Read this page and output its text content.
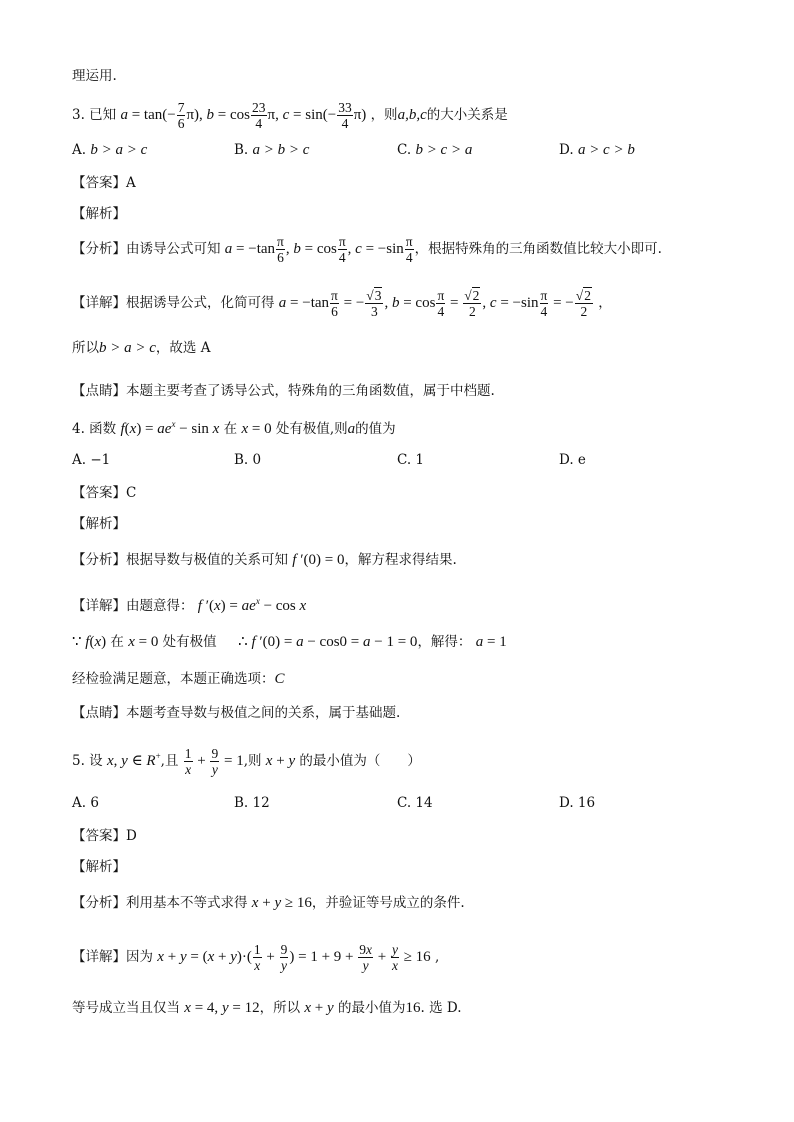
理运用.
3. 已知 $a = \tan(- \frac{7}{6} \pi)$, $b = \cos \frac{23}{4} \pi$, $c = \sin(- \frac{33}{4} \pi)$ ，则a,b,c的大小关系是
A. b > a > c	B. a > b > c	C. b > c > a	D. a > c > b
【答案】A
【解析】
【分析】由诱导公式可知 $a = -\tan \frac{\pi}{6}$ , $b = \cos \frac{\pi}{4}$ , $c = -\sin \frac{\pi}{4}$ ，根据特殊角的三角函数值比较大小即可.
【详解】根据诱导公式，化简可得 $a = -\tan \frac{\pi}{6}$ = − $\frac{√3}{3}$ , $b = \cos \frac{\pi}{4} = \frac{√2}{2}$ , $c = -\sin \frac{\pi}{4}$ = − $\frac{√2}{2}$ ，
所以b > a > c，故选 A
【点睛】本题主要考查了诱导公式，特殊角的三角函数值，属于中档题.
4. 函数 $f(x) = ae^x - \sin x$ 在 x = 0 处有极值,则a的值为
A. −1	B. 0	C. 1	D. e
【答案】C
【解析】
【分析】根据导数与极值的关系可知 f ′(0) = 0，解方程求得结果.
【详解】由题意得： f $'(x) = ae^x - \cos x$
∵ f(x) 在 x = 0 处有极值 ∴ f ′(0) = a − cos0 = a − 1 = 0，解得： a = 1
经检验满足题意，本题正确选项：C
【点睛】本题考查导数与极值之间的关系，属于基础题.
5. 设 x, y ∈ R+,且 $\frac{1}{x} + \frac{9}{y} = 1$,则 x + y 的最小值为（　　）
A. 6	B. 12	C. 14	D. 16
【答案】D
【解析】
【分析】利用基本不等式求得 x + y ≥ 16，并验证等号成立的条件.
【详解】因为 $x + y = (x + y)\cdot( \frac{1}{x} + \frac{9}{y}$ ) = $1 + 9 + \frac{9x}{y} + \frac{y}{x} \ge 16$ ,
等号成立当且仅当 x = 4, y = 12，所以 x + y 的最小值为16. 选 D.
